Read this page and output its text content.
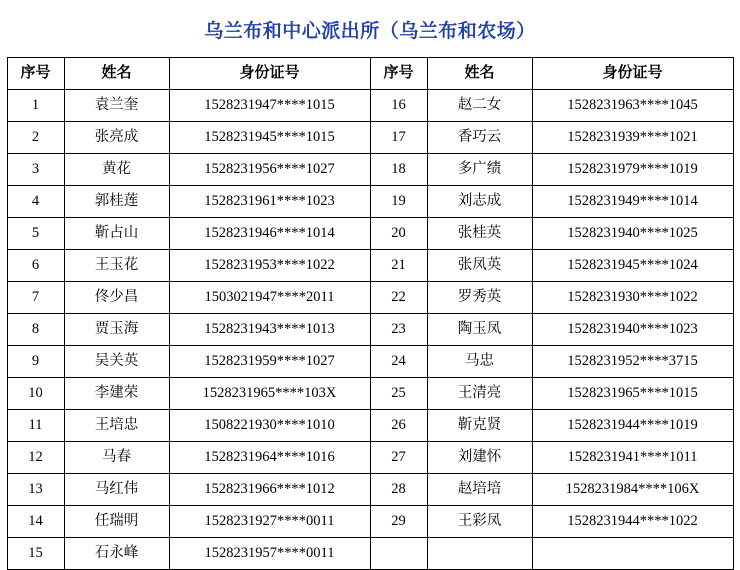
乌兰布和中心派出所（乌兰布和农场）
序号	姓名	身份证号	序号	姓名	身份证号
1	袁兰奎	1528231947****1015	16	赵二女	1528231963****1045
2	张亮成	1528231945****1015	17	香巧云	1528231939****1021
3	黄花	1528231956****1027	18	多广绩	1528231979****1019
4	郭桂莲	1528231961****1023	19	刘志成	1528231949****1014
5	靳占山	1528231946****1014	20	张桂英	1528231940****1025
6	王玉花	1528231953****1022	21	张凤英	1528231945****1024
7	佟少昌	1503021947****2011	22	罗秀英	1528231930****1022
8	贾玉海	1528231943****1013	23	陶玉凤	1528231940****1023
9	吴关英	1528231959****1027	24	马忠	1528231952****3715
10	李建荣	1528231965****103X	25	王清亮	1528231965****1015
11	王培忠	1508221930****1010	26	靳克贤	1528231944****1019
12	马春	1528231964****1016	27	刘建怀	1528231941****1011
13	马红伟	1528231966****1012	28	赵培培	1528231984****106X
14	任瑞明	1528231927****0011	29	王彩凤	1528231944****1022
15	石永峰	1528231957****0011			
